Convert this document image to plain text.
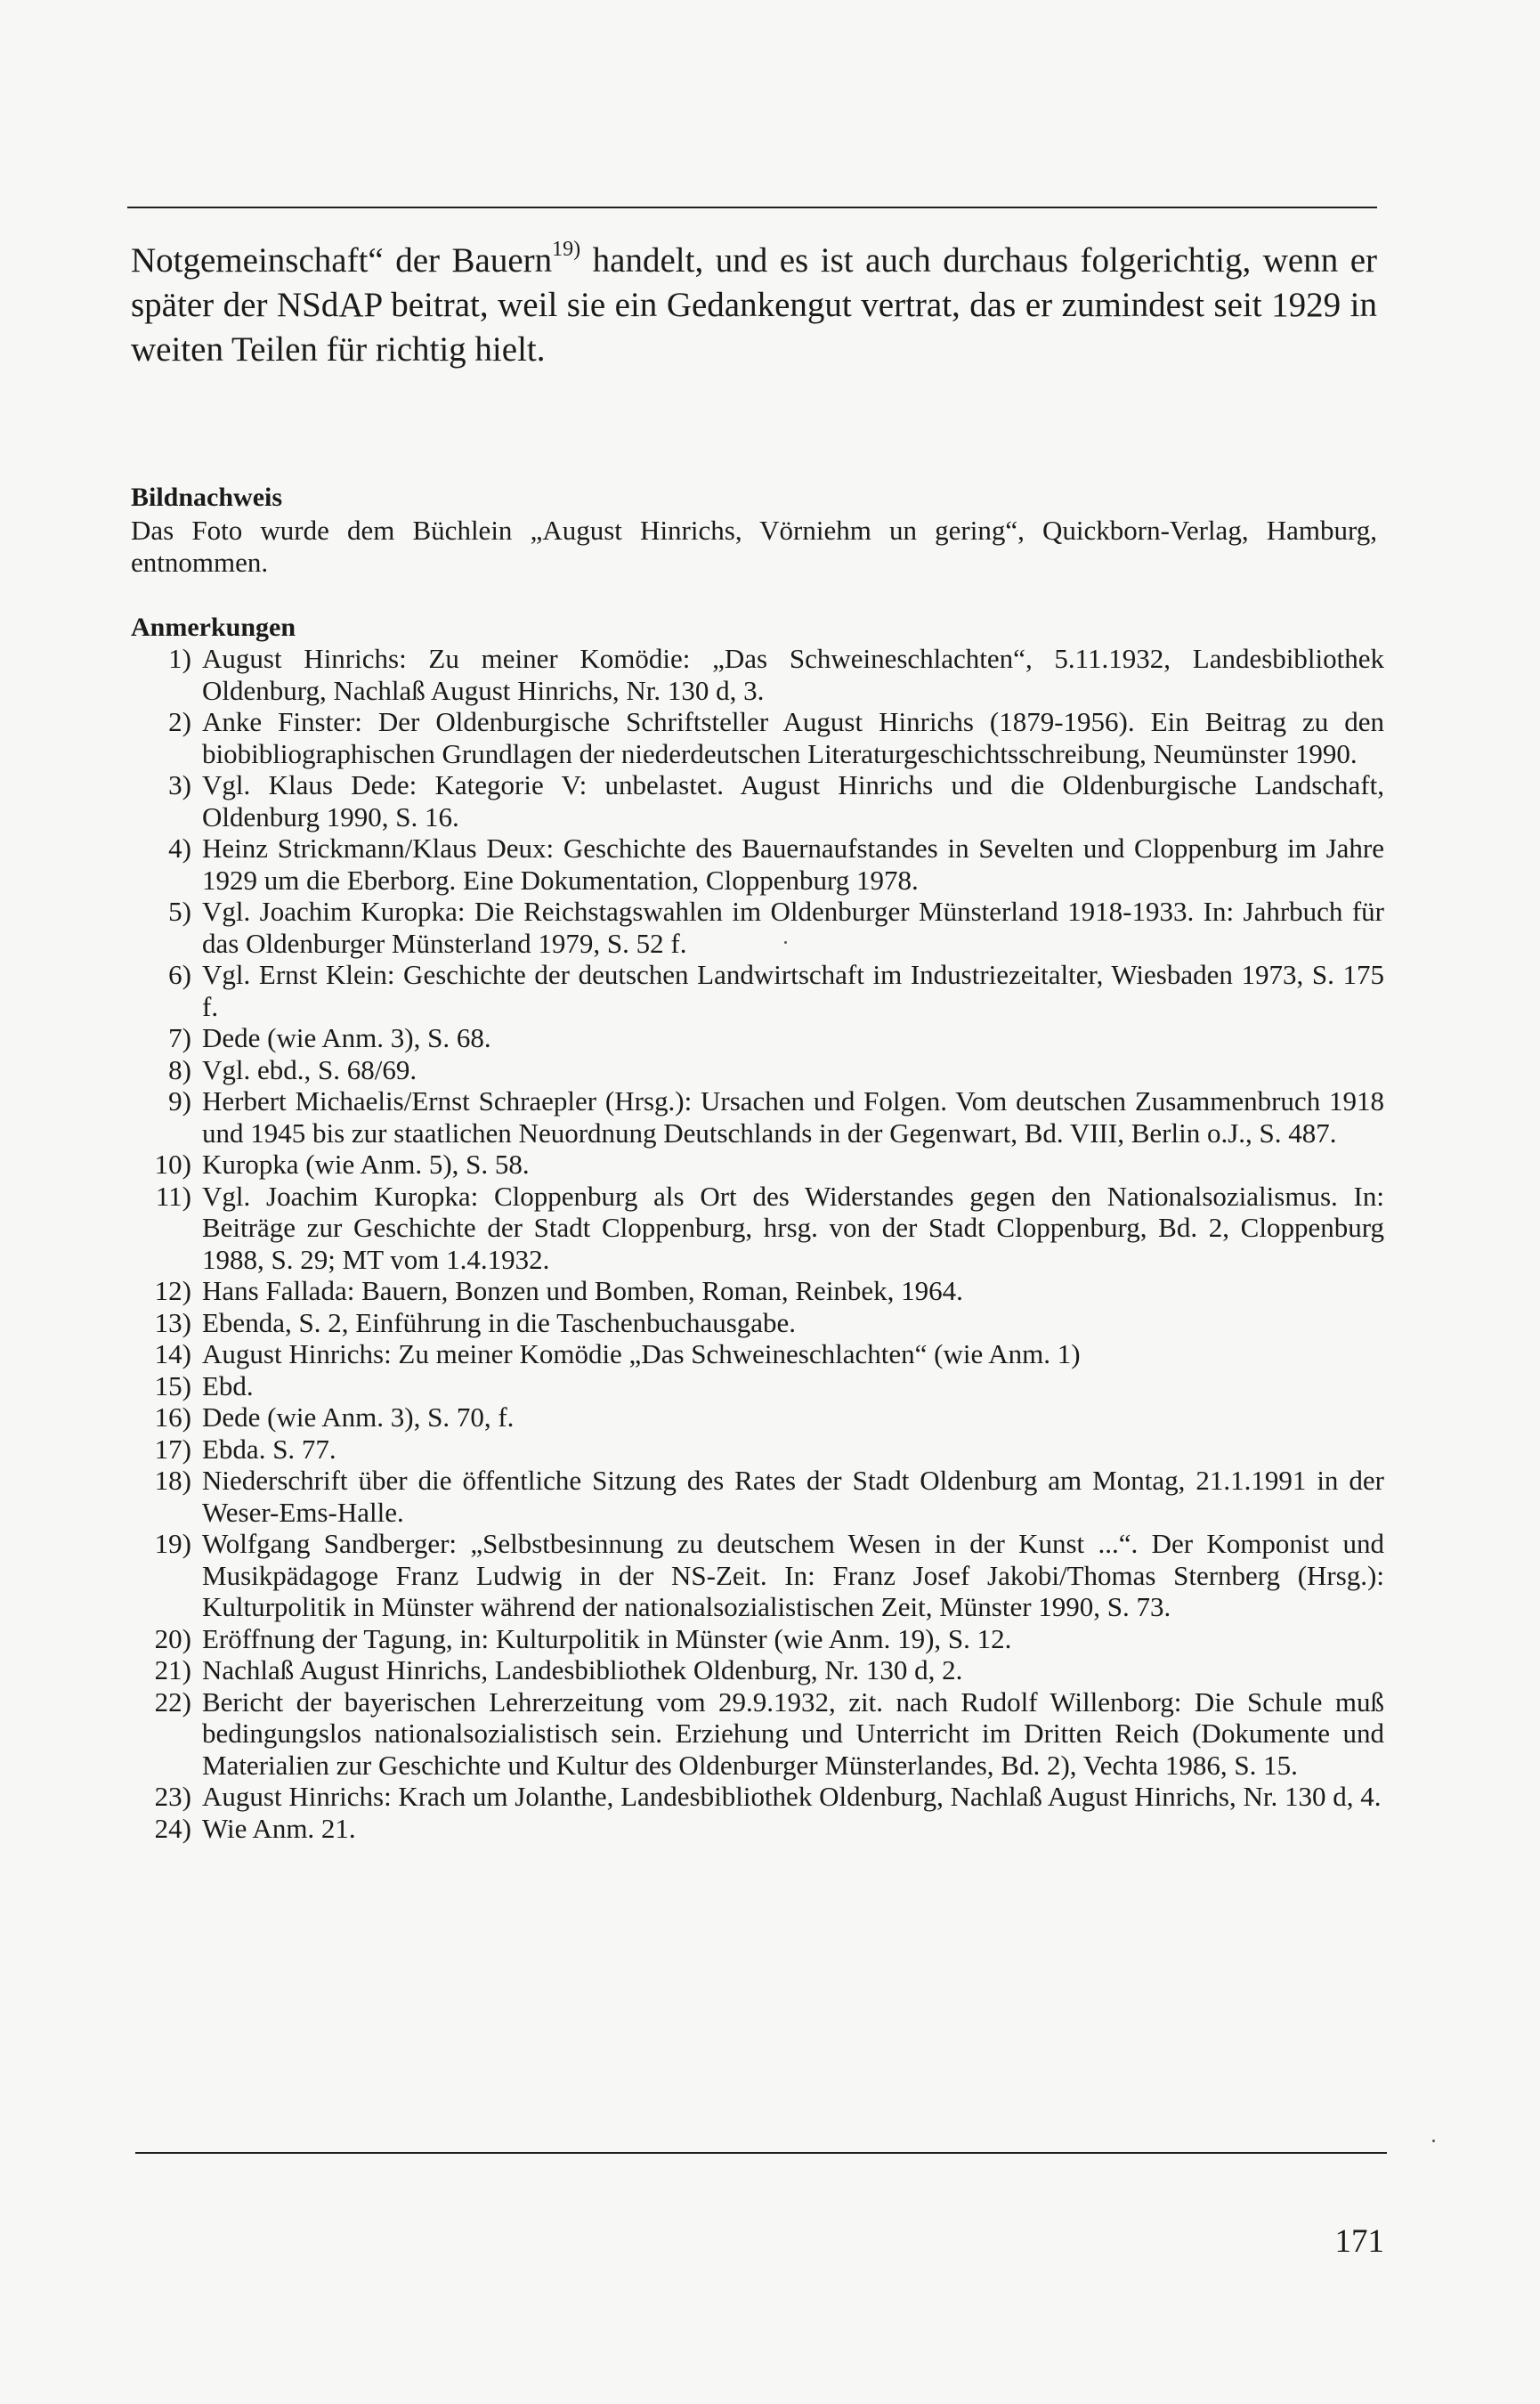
Notgemeinschaft“ der Bauern$^{19)}$ handelt, und es ist auch durchaus folgerichtig, wenn er später der NSdAP beitrat, weil sie ein Gedankengut vertrat, das er zumindest seit 1929 in weiten Teilen für richtig hielt.

Bildnachweis

Das Foto wurde dem Büchlein „August Hinrichs, Vörniehm un gering“, Quickborn-Verlag, Hamburg, entnommen.

Anmerkungen
1) August Hinrichs: Zu meiner Komödie: „Das Schweineschlachten“, 5.11.1932, Landesbibliothek Oldenburg, Nachlaß August Hinrichs, Nr. 130 d, 3.
2) Anke Finster: Der Oldenburgische Schriftsteller August Hinrichs (1879-1956). Ein Beitrag zu den biobibliographischen Grundlagen der niederdeutschen Literaturgeschichtsschreibung, Neumünster 1990.
3) Vgl. Klaus Dede: Kategorie V: unbelastet. August Hinrichs und die Oldenburgische Landschaft, Oldenburg 1990, S. 16.
4) Heinz Strickmann/Klaus Deux: Geschichte des Bauernaufstandes in Sevelten und Cloppenburg im Jahre 1929 um die Eberborg. Eine Dokumentation, Cloppenburg 1978.
5) Vgl. Joachim Kuropka: Die Reichstagswahlen im Oldenburger Münsterland 1918-1933. In: Jahrbuch für das Oldenburger Münsterland 1979, S. 52 f.
6) Vgl. Ernst Klein: Geschichte der deutschen Landwirtschaft im Industriezeitalter, Wiesbaden 1973, S. 175 f.
7) Dede (wie Anm. 3), S. 68.
8) Vgl. ebd., S. 68/69.
9) Herbert Michaelis/Ernst Schraepler (Hrsg.): Ursachen und Folgen. Vom deutschen Zusammenbruch 1918 und 1945 bis zur staatlichen Neuordnung Deutschlands in der Gegenwart, Bd. VIII, Berlin o.J., S. 487.
10) Kuropka (wie Anm. 5), S. 58.
11) Vgl. Joachim Kuropka: Cloppenburg als Ort des Widerstandes gegen den Nationalsozialismus. In: Beiträge zur Geschichte der Stadt Cloppenburg, hrsg. von der Stadt Cloppenburg, Bd. 2, Cloppenburg 1988, S. 29; MT vom 1.4.1932.
12) Hans Fallada: Bauern, Bonzen und Bomben, Roman, Reinbek, 1964.
13) Ebenda, S. 2, Einführung in die Taschenbuchausgabe.
14) August Hinrichs: Zu meiner Komödie „Das Schweineschlachten“ (wie Anm. 1)
15) Ebd.
16) Dede (wie Anm. 3), S. 70, f.
17) Ebda. S. 77.
18) Niederschrift über die öffentliche Sitzung des Rates der Stadt Oldenburg am Montag, 21.1.1991 in der Weser-Ems-Halle.
19) Wolfgang Sandberger: „Selbstbesinnung zu deutschem Wesen in der Kunst ...“. Der Komponist und Musikpädagoge Franz Ludwig in der NS-Zeit. In: Franz Josef Jakobi/Thomas Sternberg (Hrsg.): Kulturpolitik in Münster während der nationalsozialistischen Zeit, Münster 1990, S. 73.
20) Eröffnung der Tagung, in: Kulturpolitik in Münster (wie Anm. 19), S. 12.
21) Nachlaß August Hinrichs, Landesbibliothek Oldenburg, Nr. 130 d, 2.
22) Bericht der bayerischen Lehrerzeitung vom 29.9.1932, zit. nach Rudolf Willenborg: Die Schule muß bedingungslos nationalsozialistisch sein. Erziehung und Unterricht im Dritten Reich (Dokumente und Materialien zur Geschichte und Kultur des Oldenburger Münsterlandes, Bd. 2), Vechta 1986, S. 15.
23) August Hinrichs: Krach um Jolanthe, Landesbibliothek Oldenburg, Nachlaß August Hinrichs, Nr. 130 d, 4.
24) Wie Anm. 21.

171
